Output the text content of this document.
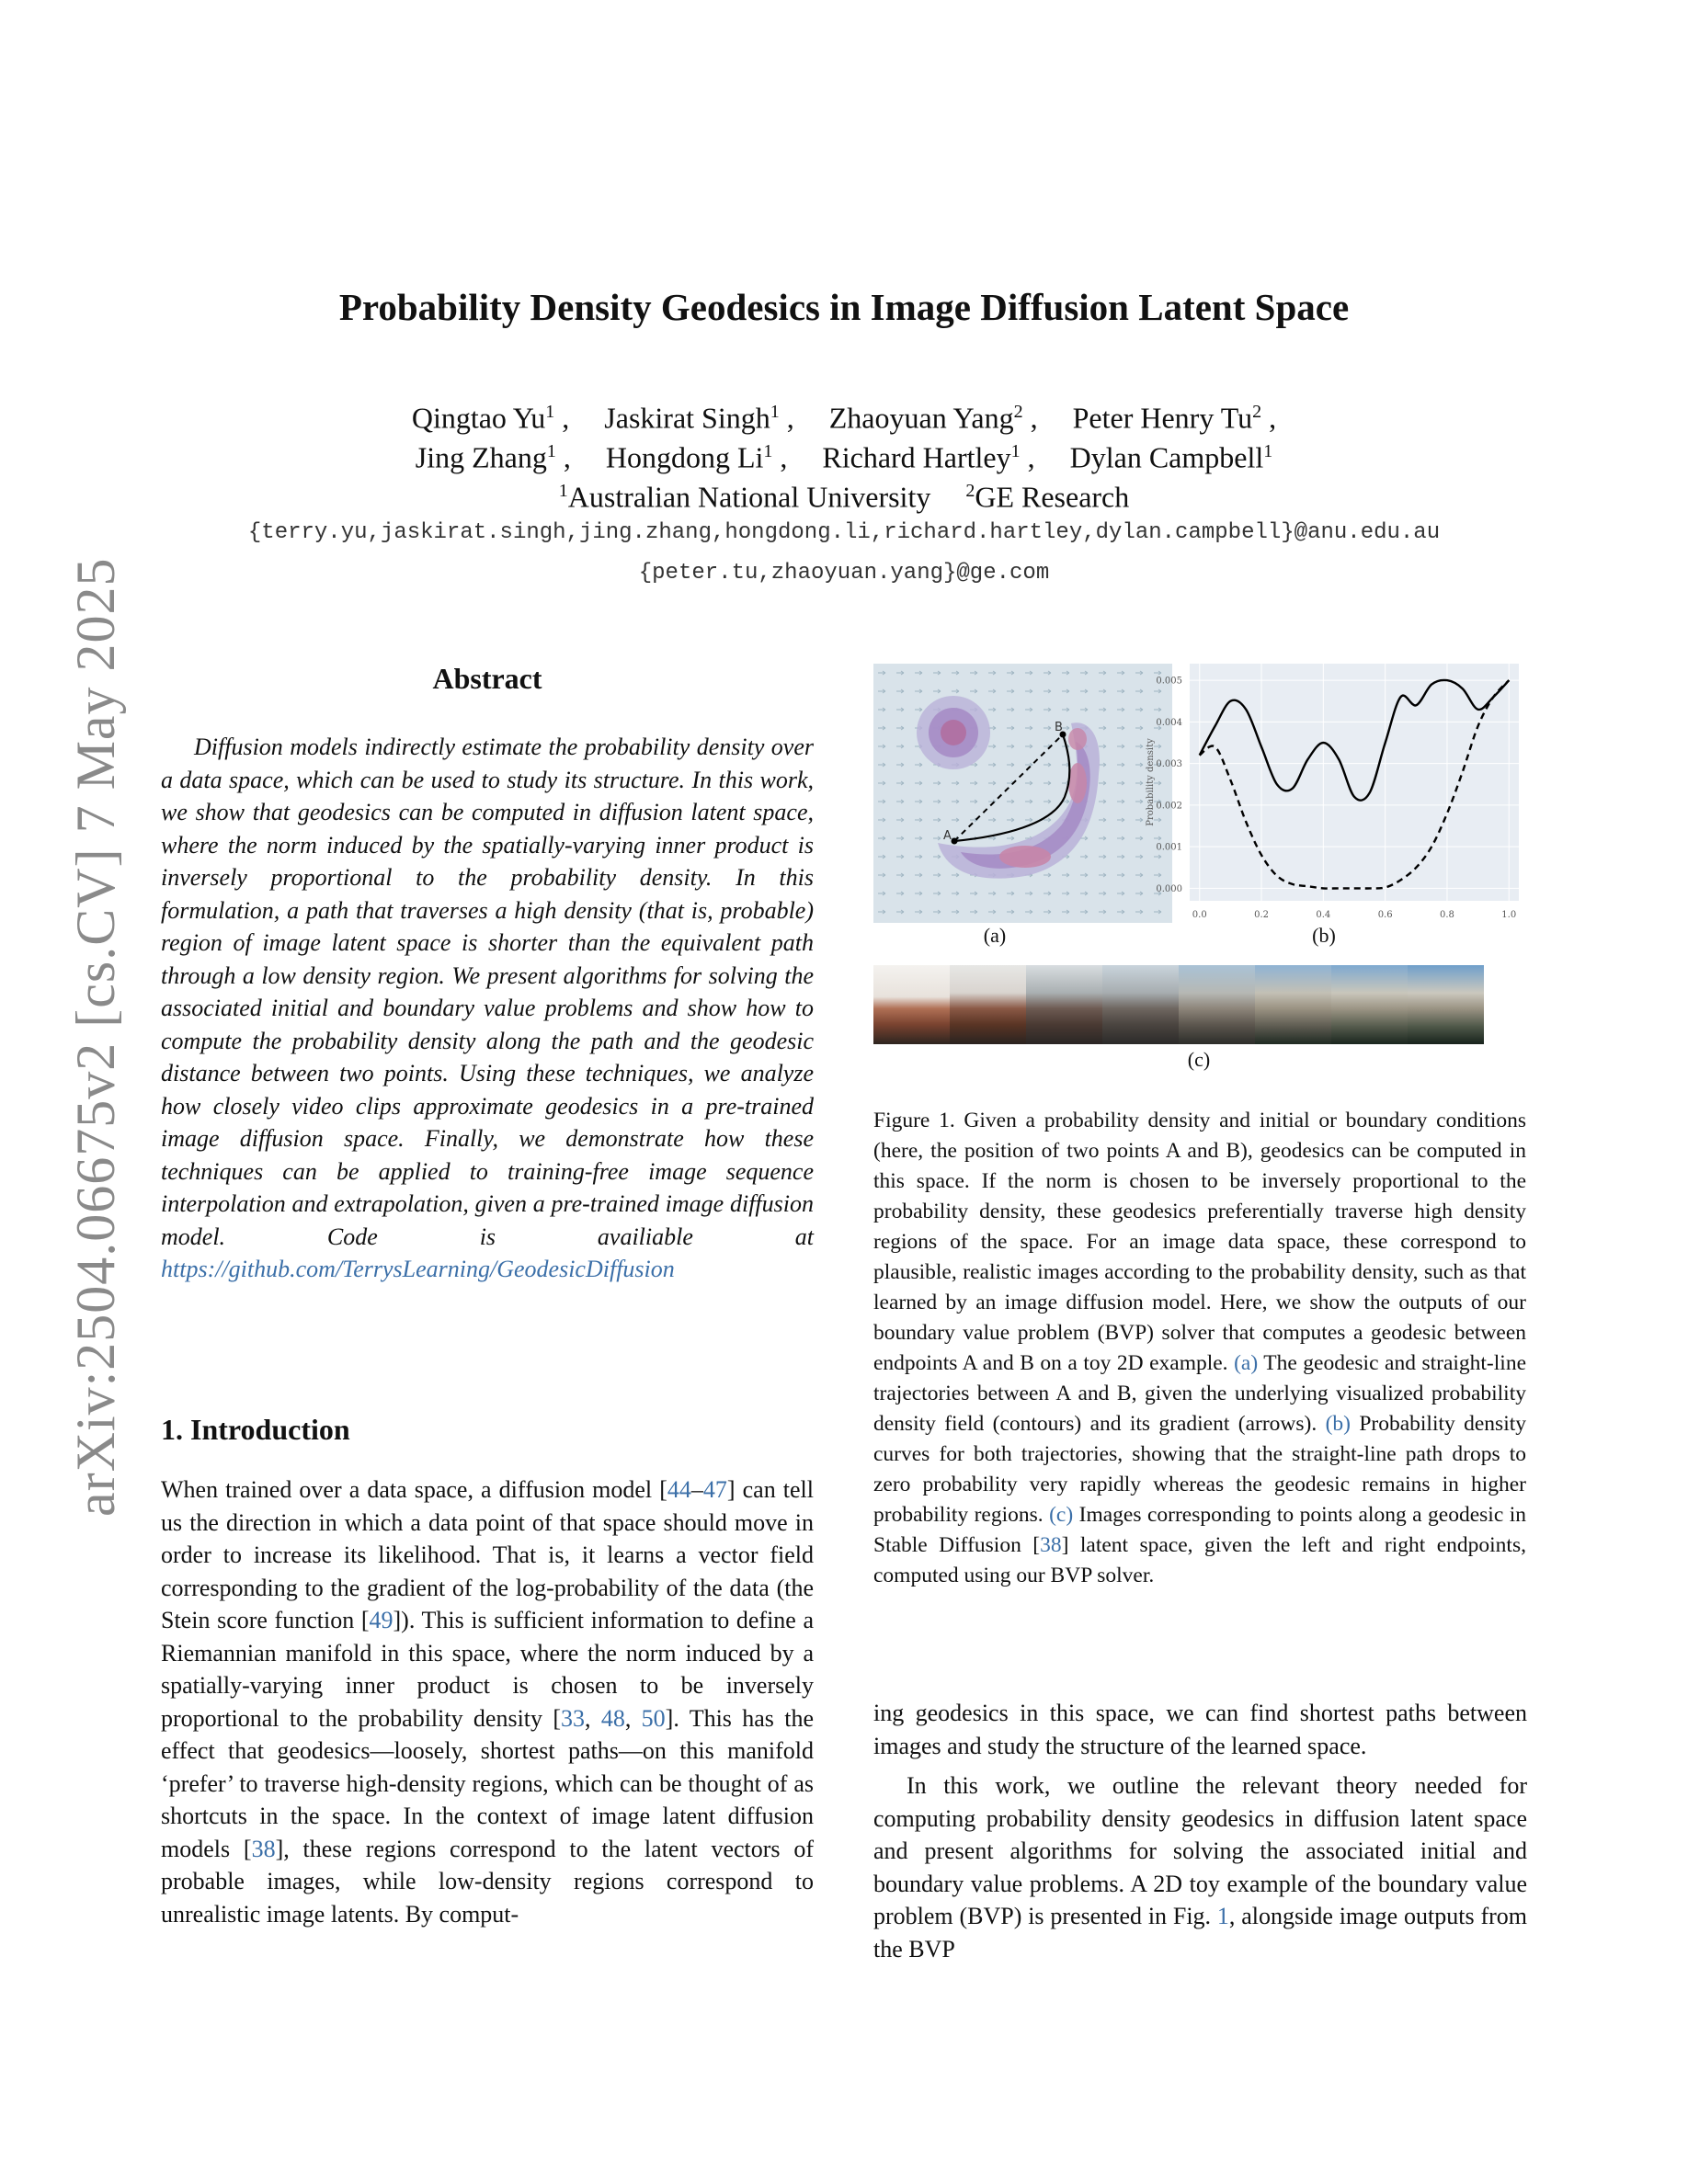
arXiv:2504.06675v2 [cs.CV] 7 May 2025
Probability Density Geodesics in Image Diffusion Latent Space
Qingtao Yu$^1$ , Jaskirat Singh$^1$ , Zhaoyuan Yang$^2$ , Peter Henry Tu$^2$ ,
Jing Zhang$^1$ , Hongdong Li$^1$ , Richard Hartley$^1$ , Dylan Campbell$^1$
$^1$Australian National University $^2$GE Research
{terry.yu,jaskirat.singh,jing.zhang,hongdong.li,richard.hartley,dylan.campbell}@anu.edu.au
{peter.tu,zhaoyuan.yang}@ge.com
Abstract

Diffusion models indirectly estimate the probability density over a data space, which can be used to study its structure. In this work, we show that geodesics can be computed in diffusion latent space, where the norm induced by the spatially-varying inner product is inversely proportional to the probability density. In this formulation, a path that traverses a high density (that is, probable) region of image latent space is shorter than the equivalent path through a low density region. We present algorithms for solving the associated initial and boundary value problems and show how to compute the probability density along the path and the geodesic distance between two points. Using these techniques, we analyze how closely video clips approximate geodesics in a pre-trained image diffusion space. Finally, we demonstrate how these techniques can be applied to training-free image sequence interpolation and extrapolation, given a pre-trained image diffusion model. Code is availiable at https://github.com/TerrysLearning/GeodesicDiffusion

1. Introduction

When trained over a data space, a diffusion model [44–47] can tell us the direction in which a data point of that space should move in order to increase its likelihood. That is, it learns a vector field corresponding to the gradient of the log-probability of the data (the Stein score function [49]). This is sufficient information to define a Riemannian manifold in this space, where the norm induced by a spatially-varying inner product is chosen to be inversely proportional to the probability density [33, 48, 50]. This has the effect that geodesics—loosely, shortest paths—on this manifold ‘prefer’ to traverse high-density regions, which can be thought of as shortcuts in the space. In the context of image latent diffusion models [38], these regions correspond to the latent vectors of probable images, while low-density regions correspond to unrealistic image latents. By comput-

ing geodesics in this space, we can find shortest paths between images and study the structure of the learned space.

In this work, we outline the relevant theory needed for computing probability density geodesics in diffusion latent space and present algorithms for solving the associated initial and boundary value problems. A 2D toy example of the boundary value problem (BVP) is presented in Fig. 1, alongside image outputs from the BVP

A
B
(a)
0.000
0.001
0.002
0.003
0.004
0.005
0.0	0.2	0.4	0.6	0.8	1.0
Probability density
(b)
(c)

Figure 1. Given a probability density and initial or boundary conditions (here, the position of two points A and B), geodesics can be computed in this space. If the norm is chosen to be inversely proportional to the probability density, these geodesics preferentially traverse high density regions of the space. For an image data space, these correspond to plausible, realistic images according to the probability density, such as that learned by an image diffusion model. Here, we show the outputs of our boundary value problem (BVP) solver that computes a geodesic between endpoints A and B on a toy 2D example. (a) The geodesic and straight-line trajectories between A and B, given the underlying visualized probability density field (contours) and its gradient (arrows). (b) Probability density curves for both trajectories, showing that the straight-line path drops to zero probability very rapidly whereas the geodesic remains in higher probability regions. (c) Images corresponding to points along a geodesic in Stable Diffusion [38] latent space, given the left and right endpoints, computed using our BVP solver.
